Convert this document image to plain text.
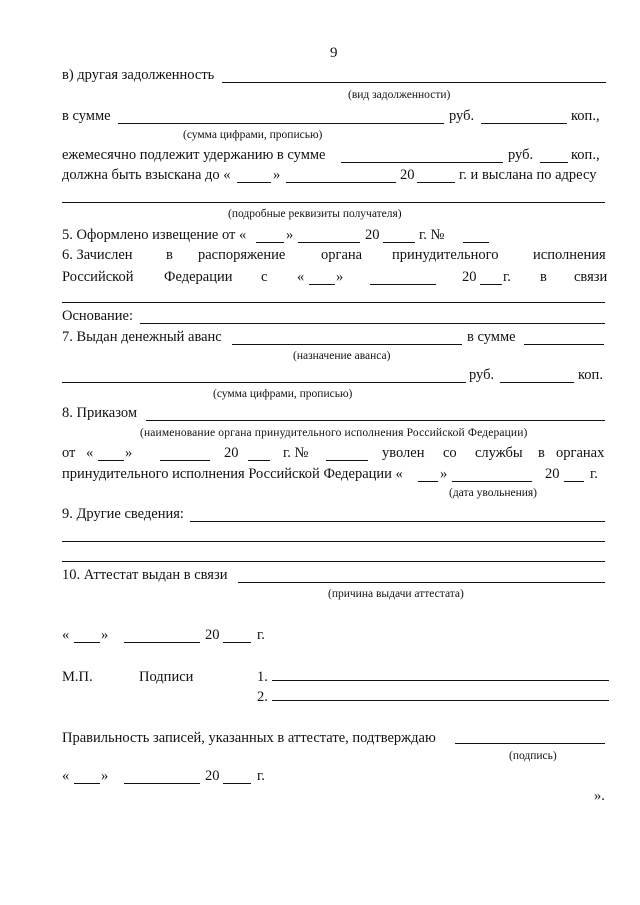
9
в) другая задолженность
(вид задолженности)
в сумме	руб.	коп.,
(сумма цифрами, прописью)
ежемесячно подлежит удержанию в сумме	руб.	коп.,
должна быть взыскана до «	»	20	г. и выслана по адресу
(подробные реквизиты получателя)
5. Оформлено извещение от «	»	20	г. №
6. Зачислен в распоряжение органа принудительного исполнения
Российской Федерации с « »	20 г. в связи
Основание:
7. Выдан денежный аванс	в сумме
(назначение аванса)
руб.	коп.
(сумма цифрами, прописью)
8. Приказом
(наименование органа принудительного исполнения Российской Федерации)
от « »	20	г. №	уволен со службы в органах
принудительного исполнения Российской Федерации «	»	20 г.
(дата увольнения)
9. Другие сведения:
10. Аттестат выдан в связи
(причина выдачи аттестата)
« »	20	г.
М.П.	Подписи	1.
2.
Правильность записей, указанных в аттестате, подтверждаю
(подпись)
« »	20	г.
».
